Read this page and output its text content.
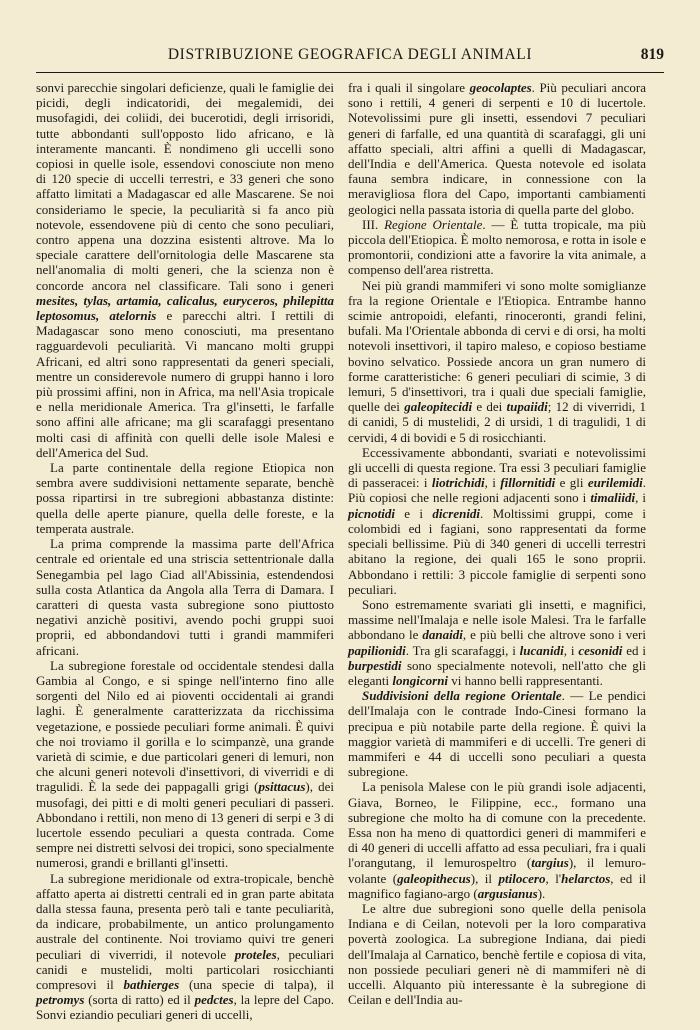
DISTRIBUZIONE GEOGRAFICA DEGLI ANIMALI	819

sonvi parecchie singolari deficienze, quali le famiglie dei picidi, degli indicatoridi, dei megalemidi, dei musofagidi, dei coliidi, dei bucerotidi, degli irrisoridi, tutte abbondanti sull'opposto lido africano, e là interamente mancanti. È nondimeno gli uccelli sono copiosi in quelle isole, essendovi conosciute non meno di 120 specie di uccelli terrestri, e 33 generi che sono affatto limitati a Madagascar ed alle Mascarene. Se noi consideriamo le specie, la peculiarità si fa anco più notevole, essendovene più di cento che sono peculiari, contro appena una dozzina esistenti altrove. Ma lo speciale carattere dell'ornitologia delle Mascarene sta nell'anomalia di molti generi, che la scienza non è concorde ancora nel classificare. Tali sono i generi mesites, tylas, artamia, calicalus, euryceros, philepitta leptosomus, atelornis e parecchi altri. I rettili di Madagascar sono meno conosciuti, ma presentano ragguardevoli peculiarità. Vi mancano molti gruppi Africani, ed altri sono rappresentati da generi speciali, mentre un considerevole numero di gruppi hanno i loro più prossimi affini, non in Africa, ma nell'Asia tropicale e nella meridionale America. Tra gl'insetti, le farfalle sono affini alle africane; ma gli scarafaggi presentano molti casi di affinità con quelli delle isole Malesi e dell'America del Sud.

La parte continentale della regione Etiopica non sembra avere suddivisioni nettamente separate, benchè possa ripartirsi in tre subregioni abbastanza distinte: quella delle aperte pianure, quella delle foreste, e la temperata australe.

La prima comprende la massima parte dell'Africa centrale ed orientale ed una striscia settentrionale dalla Senegambia pel lago Ciad all'Abissinia, estendendosi sulla costa Atlantica da Angola alla Terra di Damara. I caratteri di questa vasta subregione sono piuttosto negativi anzichè positivi, avendo pochi gruppi suoi proprii, ed abbondandovi tutti i grandi mammiferi africani.

La subregione forestale od occidentale stendesi dalla Gambia al Congo, e si spinge nell'interno fino alle sorgenti del Nilo ed ai pioventi occidentali ai grandi laghi. È generalmente caratterizzata da ricchissima vegetazione, e possiede peculiari forme animali. È quivi che noi troviamo il gorilla e lo scimpanzè, una grande varietà di scimie, e due particolari generi di lemuri, non che alcuni generi notevoli d'insettivori, di viverridi e di tragulidi. È la sede dei pappagalli grigi (psittacus), dei musofagi, dei pitti e di molti generi peculiari di passeri. Abbondano i rettili, non meno di 13 generi di serpi e 3 di lucertole essendo peculiari a questa contrada. Come sempre nei distretti selvosi dei tropici, sono specialmente numerosi, grandi e brillanti gl'insetti.

La subregione meridionale od extra-tropicale, benchè affatto aperta ai distretti centrali ed in gran parte abitata dalla stessa fauna, presenta però tali e tante peculiarità, da indicare, probabilmente, un antico prolungamento australe del continente. Noi troviamo quivi tre generi peculiari di viverridi, il notevole proteles, peculiari canidi e mustelidi, molti particolari rosicchianti compresovi il bathierges (una specie di talpa), il petromys (sorta di ratto) ed il pedctes, la lepre del Capo. Sonvi eziandio peculiari generi di uccelli,

fra i quali il singolare geocolaptes. Più peculiari ancora sono i rettili, 4 generi di serpenti e 10 di lucertole. Notevolissimi pure gli insetti, essendovi 7 peculiari generi di farfalle, ed una quantità di scarafaggi, gli uni affatto speciali, altri affini a quelli di Madagascar, dell'India e dell'America. Questa notevole ed isolata fauna sembra indicare, in connessione con la meravigliosa flora del Capo, importanti cambiamenti geologici nella passata istoria di quella parte del globo.

III. Regione Orientale. — È tutta tropicale, ma più piccola dell'Etiopica. È molto nemorosa, e rotta in isole e promontorii, condizioni atte a favorire la vita animale, a compenso dell'area ristretta.

Nei più grandi mammiferi vi sono molte somiglianze fra la regione Orientale e l'Etiopica. Entrambe hanno scimie antropoidi, elefanti, rinoceronti, grandi felini, bufali. Ma l'Orientale abbonda di cervi e di orsi, ha molti notevoli insettivori, il tapiro maleso, e copioso bestiame bovino selvatico. Possiede ancora un gran numero di forme caratteristiche: 6 generi peculiari di scimie, 3 di lemuri, 5 d'insettivori, tra i quali due speciali famiglie, quelle dei galeopitecidi e dei tupaiidi; 12 di viverridi, 1 di canidi, 5 di mustelidi, 2 di ursidi, 1 di tragulidi, 1 di cervidi, 4 di bovidi e 5 di rosicchianti.

Eccessivamente abbondanti, svariati e notevolissimi gli uccelli di questa regione. Tra essi 3 peculiari famiglie di passeracei: i liotrichidi, i fillornitidi e gli eurilemidi. Più copiosi che nelle regioni adjacenti sono i timaliidi, i picnotidi e i dicrenidi. Moltissimi gruppi, come i colombidi ed i fagiani, sono rappresentati da forme speciali bellissime. Più di 340 generi di uccelli terrestri abitano la regione, dei quali 165 le sono proprii. Abbondano i rettili: 3 piccole famiglie di serpenti sono peculiari.

Sono estremamente svariati gli insetti, e magnifici, massime nell'Imalaja e nelle isole Malesi. Tra le farfalle abbondano le danaidi, e più belli che altrove sono i veri papilionidi. Tra gli scarafaggi, i lucanidi, i cesonidi ed i burpestidi sono specialmente notevoli, nell'atto che gli eleganti longicorni vi hanno belli rappresentanti.

Suddivisioni della regione Orientale. — Le pendici dell'Imalaja con le contrade Indo-Cinesi formano la precipua e più notabile parte della regione. È quivi la maggior varietà di mammiferi e di uccelli. Tre generi di mammiferi e 44 di uccelli sono peculiari a questa subregione.

La penisola Malese con le più grandi isole adjacenti, Giava, Borneo, le Filippine, ecc., formano una subregione che molto ha di comune con la precedente. Essa non ha meno di quattordici generi di mammiferi e di 40 generi di uccelli affatto ad essa peculiari, fra i quali l'orangutang, il lemurospeltro (targius), il lemuro-volante (galeopithecus), il ptilocero, l'helarctos, ed il magnifico fagiano-argo (argusianus).

Le altre due subregioni sono quelle della penisola Indiana e di Ceilan, notevoli per la loro comparativa povertà zoologica. La subregione Indiana, dai piedi dell'Imalaja al Carnatico, benchè fertile e copiosa di vita, non possiede peculiari generi nè di mammiferi nè di uccelli. Alquanto più interessante è la subregione di Ceilan e dell'India au-
